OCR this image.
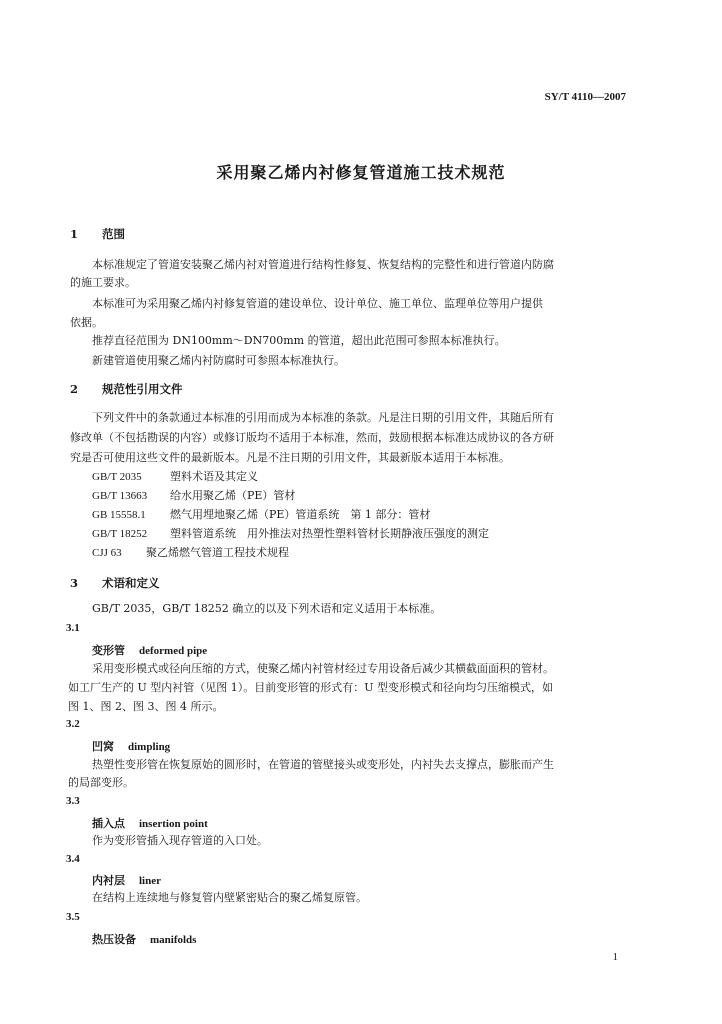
SY/T 4110—2007
采用聚乙烯内衬修复管道施工技术规范
1 范围
本标准规定了管道安装聚乙烯内衬对管道进行结构性修复、恢复结构的完整性和进行管道内防腐
的施工要求。
本标准可为采用聚乙烯内衬修复管道的建设单位、设计单位、施工单位、监理单位等用户提供
依据。
推荐直径范围为 DN100mm～DN700mm 的管道，超出此范围可参照本标准执行。
新建管道使用聚乙烯内衬防腐时可参照本标准执行。
2 规范性引用文件
下列文件中的条款通过本标准的引用而成为本标准的条款。凡是注日期的引用文件，其随后所有
修改单（不包括勘误的内容）或修订版均不适用于本标准，然而，鼓励根据本标准达成协议的各方研
究是否可使用这些文件的最新版本。凡是不注日期的引用文件，其最新版本适用于本标准。
GB/T 2035	塑料术语及其定义
GB/T 13663 给水用聚乙烯（PE）管材
GB 15558.1 燃气用埋地聚乙烯（PE）管道系统　第 1 部分：管材
GB/T 18252 塑料管道系统　用外推法对热塑性塑料管材长期静液压强度的测定
CJJ 63 聚乙烯燃气管道工程技术规程
3 术语和定义
GB/T 2035，GB/T 18252 确立的以及下列术语和定义适用于本标准。
3.1
变形管 deformed pipe
采用变形模式或径向压缩的方式，使聚乙烯内衬管材经过专用设备后减少其横截面面积的管材。
如工厂生产的 U 型内衬管（见图 1）。目前变形管的形式有：U 型变形模式和径向均匀压缩模式，如
图 1、图 2、图 3、图 4 所示。
3.2
凹窝 dimpling
热塑性变形管在恢复原始的圆形时，在管道的管壁接头或变形处，内衬失去支撑点，膨胀而产生
的局部变形。
3.3
插入点 insertion point
作为变形管插入现存管道的入口处。
3.4
内衬层 liner
在结构上连续地与修复管内壁紧密贴合的聚乙烯复原管。
3.5
热压设备 manifolds
1
